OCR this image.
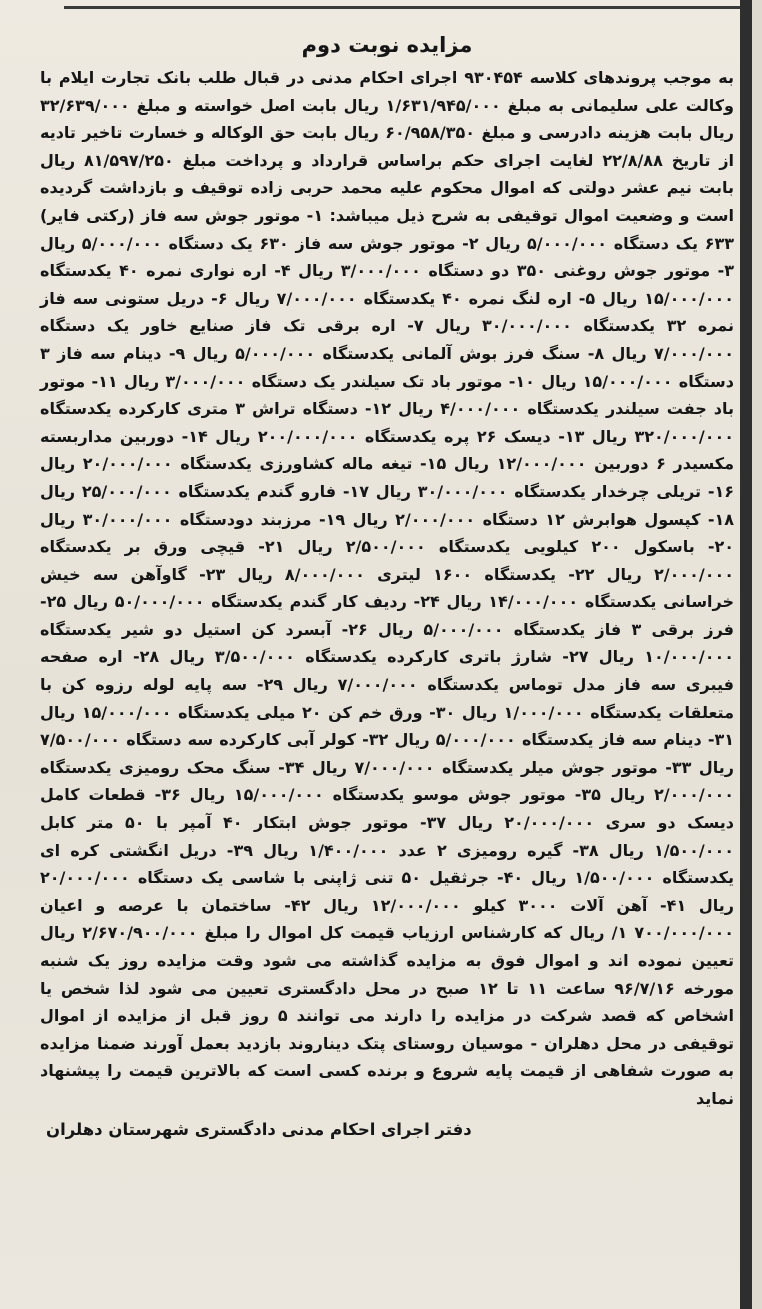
مزایده نوبت دوم

به موجب پروندهای کلاسه ۹۳۰۴۵۴ اجرای احکام مدنی در قبال طلب بانک تجارت ایلام با وکالت علی سلیمانی به مبلغ ۱/۶۳۱/۹۴۵/۰۰۰ ریال بابت اصل خواسته و مبلغ ۳۲/۶۳۹/۰۰۰ ریال بابت هزینه دادرسی و مبلغ ۶۰/۹۵۸/۳۵۰ ریال بابت حق الوکاله و خسارت تاخیر تادیه از تاریخ ۲۲/۸/۸۸ لغایت اجرای حکم براساس قرارداد و پرداخت مبلغ ۸۱/۵۹۷/۲۵۰ ریال بابت نیم عشر دولتی که اموال محکوم علیه محمد حربی زاده توقیف و بازداشت گردیده است و وضعیت اموال توقیفی به شرح ذیل میباشد: ۱- موتور جوش سه فاز (رکتی فایر) ۶۳۳ یک دستگاه ۵/۰۰۰/۰۰۰ ریال ۲- موتور جوش سه فاز ۶۳۰ یک دستگاه ۵/۰۰۰/۰۰۰ ریال ۳- موتور جوش روغنی ۳۵۰ دو دستگاه ۳/۰۰۰/۰۰۰ ریال ۴- اره نواری نمره ۴۰ یکدستگاه ۱۵/۰۰۰/۰۰۰ ریال ۵- اره لنگ نمره ۴۰ یکدستگاه ۷/۰۰۰/۰۰۰ ریال ۶- دریل ستونی سه فاز نمره ۳۲ یکدستگاه ۳۰/۰۰۰/۰۰۰ ریال ۷- اره برقی تک فاز صنایع خاور یک دستگاه ۷/۰۰۰/۰۰۰ ریال ۸- سنگ فرز بوش آلمانی یکدستگاه ۵/۰۰۰/۰۰۰ ریال ۹- دینام سه فاز ۳ دستگاه ۱۵/۰۰۰/۰۰۰ ریال ۱۰- موتور باد تک سیلندر یک دستگاه ۳/۰۰۰/۰۰۰ ریال ۱۱- موتور باد جفت سیلندر یکدستگاه ۴/۰۰۰/۰۰۰ ریال ۱۲- دستگاه تراش ۳ متری کارکرده یکدستگاه ۳۲۰/۰۰۰/۰۰۰ ریال ۱۳- دیسک ۲۶ پره یکدستگاه ۲۰۰/۰۰۰/۰۰۰ ریال ۱۴- دوربین مداربسته مکسیدر ۶ دوربین ۱۲/۰۰۰/۰۰۰ ریال ۱۵- تیغه ماله کشاورزی یکدستگاه ۲۰/۰۰۰/۰۰۰ ریال ۱۶- تریلی چرخدار یکدستگاه ۳۰/۰۰۰/۰۰۰ ریال ۱۷- فارو گندم یکدستگاه ۲۵/۰۰۰/۰۰۰ ریال ۱۸- کپسول هوابرش ۱۲ دستگاه ۲/۰۰۰/۰۰۰ ریال ۱۹- مرزبند دودستگاه ۳۰/۰۰۰/۰۰۰ ریال ۲۰- باسکول ۲۰۰ کیلویی یکدستگاه ۲/۵۰۰/۰۰۰ ریال ۲۱- قیچی ورق بر یکدستگاه ۲/۰۰۰/۰۰۰ ریال ۲۲- یکدستگاه ۱۶۰۰ لیتری ۸/۰۰۰/۰۰۰ ریال ۲۳- گاوآهن سه خیش خراسانی یکدستگاه ۱۴/۰۰۰/۰۰۰ ریال ۲۴- ردیف کار گندم یکدستگاه ۵۰/۰۰۰/۰۰۰ ریال ۲۵- فرز برقی ۳ فاز یکدستگاه ۵/۰۰۰/۰۰۰ ریال ۲۶- آبسرد کن استیل دو شیر یکدستگاه ۱۰/۰۰۰/۰۰۰ ریال ۲۷- شارژ باتری کارکرده یکدستگاه ۳/۵۰۰/۰۰۰ ریال ۲۸- اره صفحه فیبری سه فاز مدل توماس یکدستگاه ۷/۰۰۰/۰۰۰ ریال ۲۹- سه پایه لوله رزوه کن با متعلقات یکدستگاه ۱/۰۰۰/۰۰۰ ریال ۳۰- ورق خم کن ۲۰ میلی یکدستگاه ۱۵/۰۰۰/۰۰۰ ریال ۳۱- دینام سه فاز یکدستگاه ۵/۰۰۰/۰۰۰ ریال ۳۲- کولر آبی کارکرده سه دستگاه ۷/۵۰۰/۰۰۰ ریال ۳۳- موتور جوش میلر یکدستگاه ۷/۰۰۰/۰۰۰ ریال ۳۴- سنگ محک رومیزی یکدستگاه ۲/۰۰۰/۰۰۰ ریال ۳۵- موتور جوش موسو یکدستگاه ۱۵/۰۰۰/۰۰۰ ریال ۳۶- قطعات کامل دیسک دو سری ۲۰/۰۰۰/۰۰۰ ریال ۳۷- موتور جوش ابتکار ۴۰ آمپر با ۵۰ متر کابل ۱/۵۰۰/۰۰۰ ریال ۳۸- گیره رومیزی ۲ عدد ۱/۴۰۰/۰۰۰ ریال ۳۹- دریل انگشتی کره ای یکدستگاه ۱/۵۰۰/۰۰۰ ریال ۴۰- جرثقیل ۵۰ تنی ژاپنی با شاسی یک دستگاه ۲۰/۰۰۰/۰۰۰ ریال ۴۱- آهن آلات ۳۰۰۰ کیلو ۱۲/۰۰۰/۰۰۰ ریال ۴۲- ساختمان با عرصه و اعیان ۷۰۰/۰۰۰/۰۰۰ ۱/ ریال که کارشناس ارزیاب قیمت کل اموال را مبلغ ۲/۶۷۰/۹۰۰/۰۰۰ ریال تعیین نموده اند و اموال فوق به مزایده گذاشته می شود وقت مزایده روز یک شنبه مورخه ۹۶/۷/۱۶ ساعت ۱۱ تا ۱۲ صبح در محل دادگستری تعیین می شود لذا شخص یا اشخاص که قصد شرکت در مزایده را دارند می توانند ۵ روز قبل از مزایده از اموال توقیفی در محل دهلران - موسیان روستای پتک دیناروند بازدید بعمل آورند ضمنا مزایده به صورت شفاهی از قیمت پایه شروع و برنده کسی است که بالاترین قیمت را پیشنهاد نماید

دفتر اجرای احکام مدنی دادگستری شهرستان دهلران
